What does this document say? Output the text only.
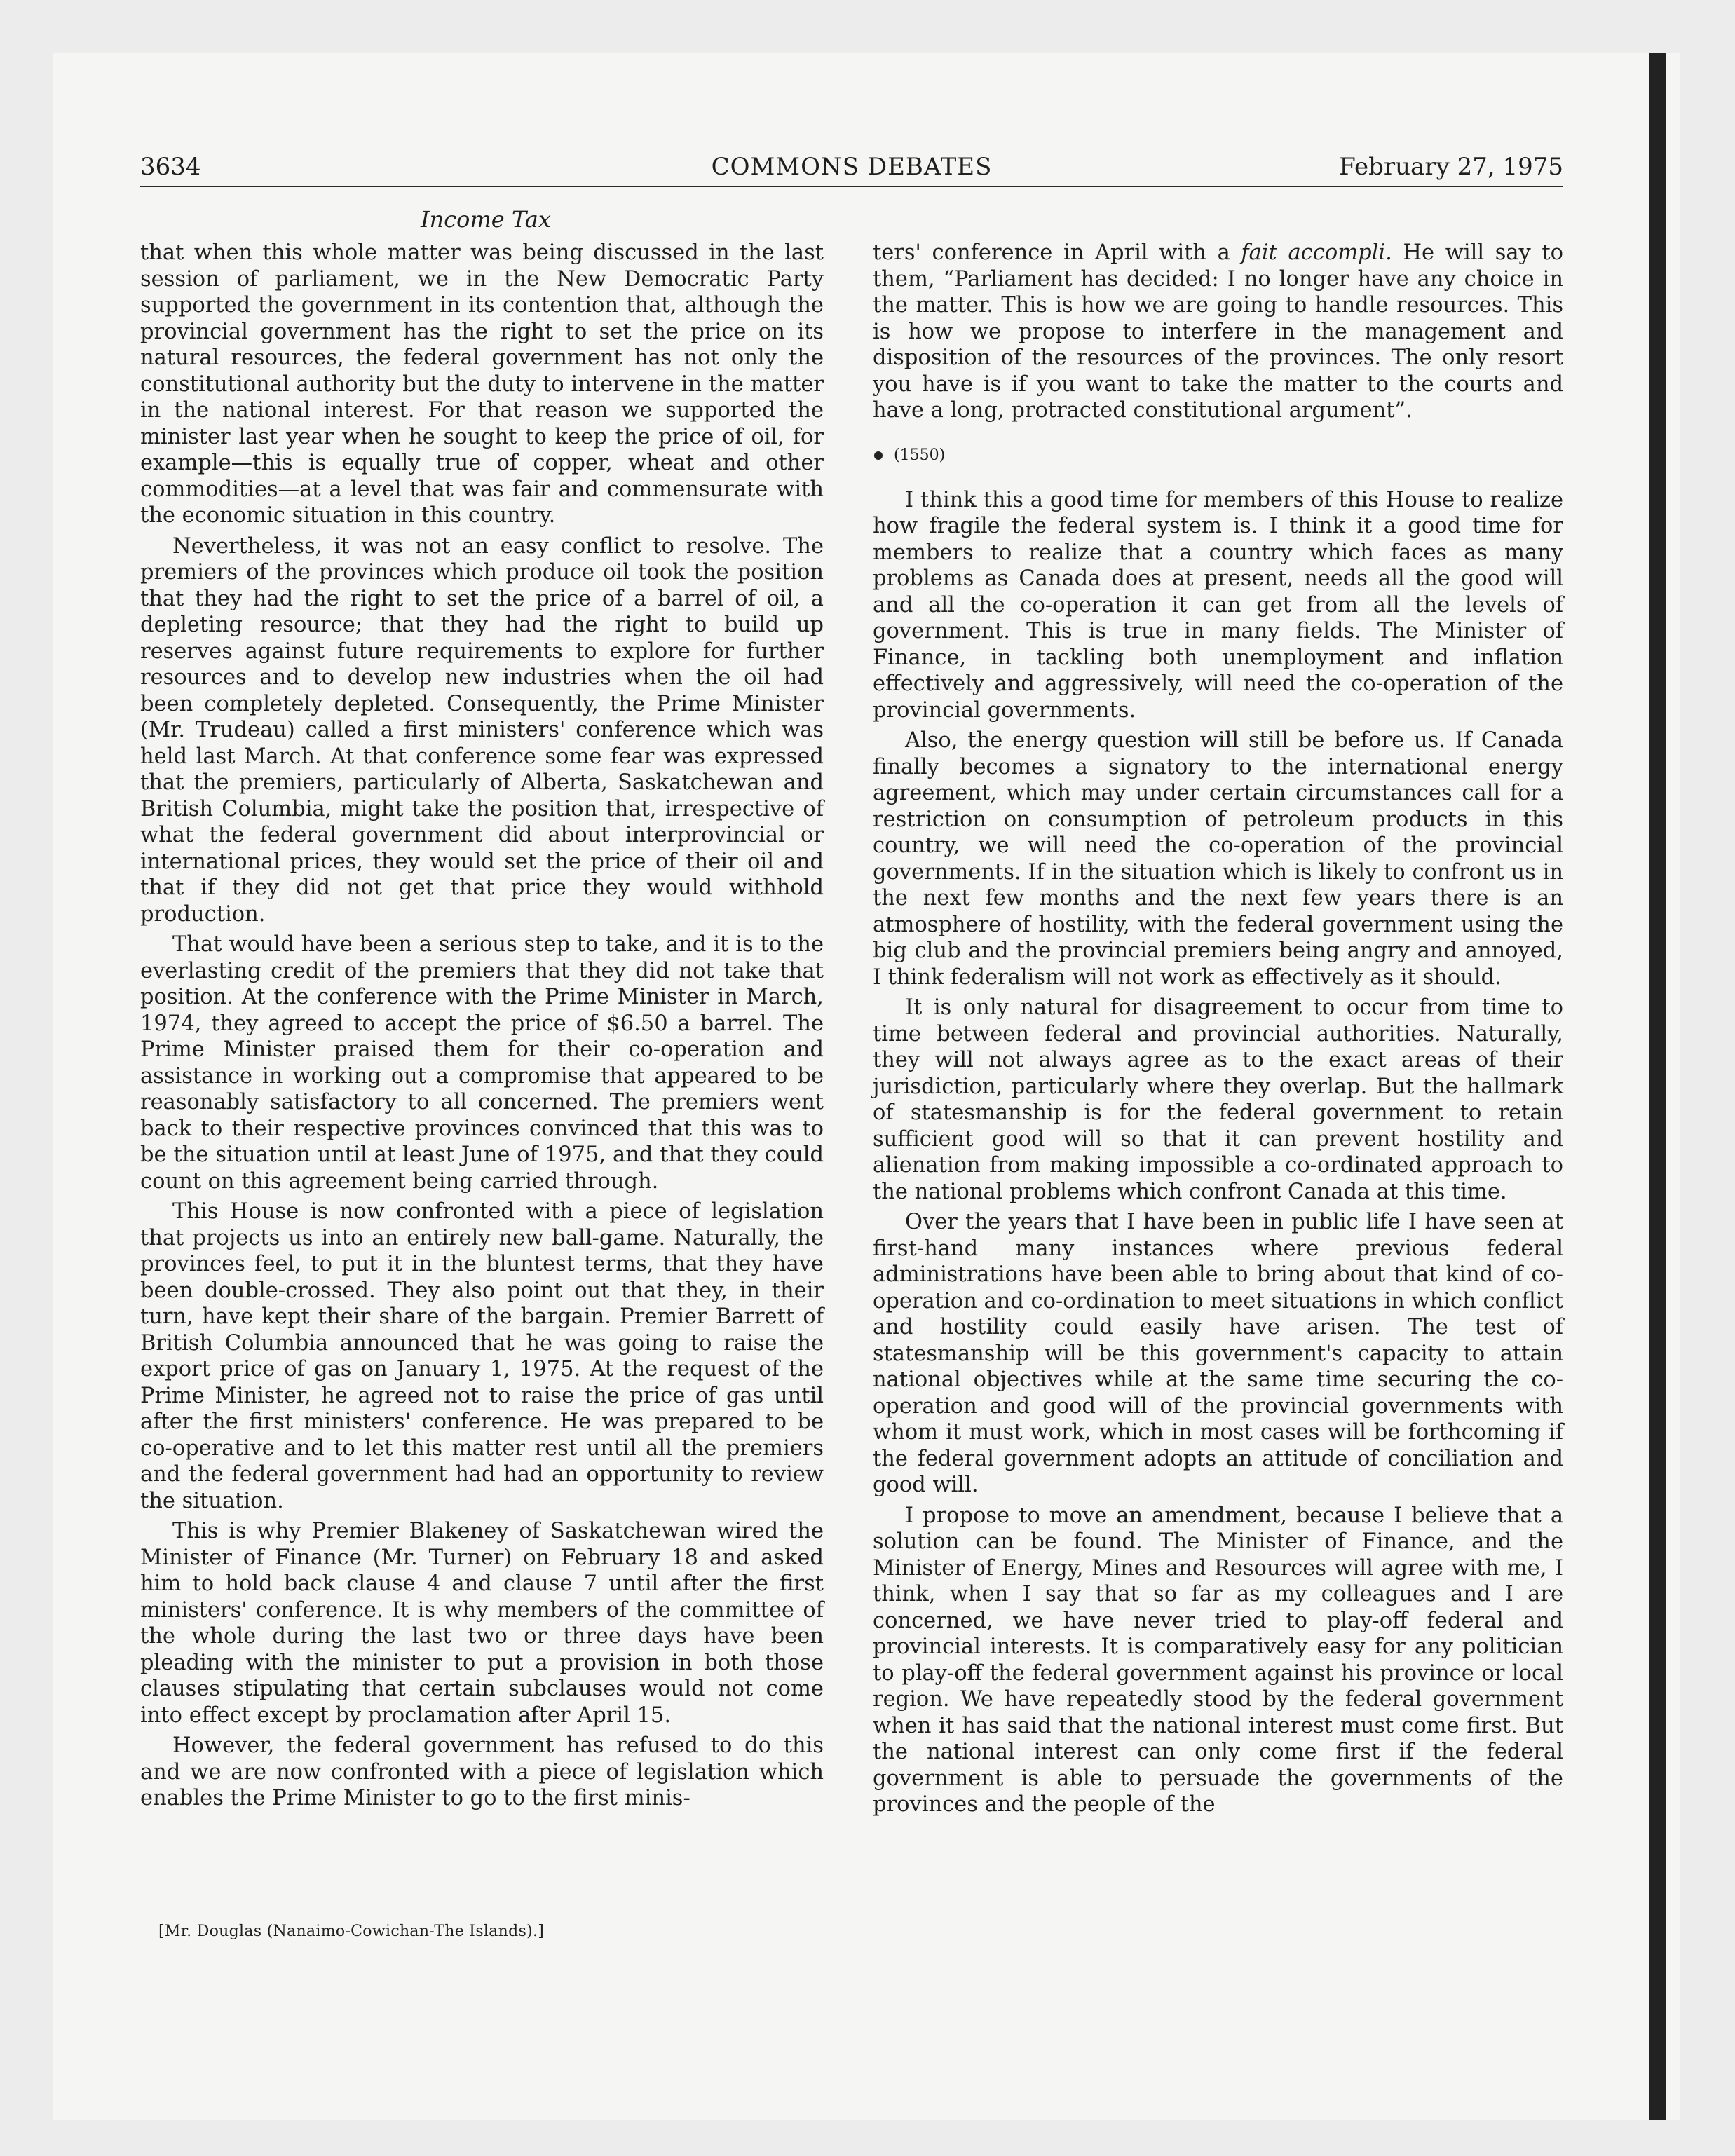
3634	COMMONS DEBATES	February 27, 1975
Income Tax

that when this whole matter was being discussed in the last session of parliament, we in the New Democratic Party supported the government in its contention that, although the provincial government has the right to set the price on its natural resources, the federal government has not only the constitutional authority but the duty to intervene in the matter in the national interest. For that reason we supported the minister last year when he sought to keep the price of oil, for example—this is equally true of copper, wheat and other commodities—at a level that was fair and commensurate with the economic situation in this country.

Nevertheless, it was not an easy conflict to resolve. The premiers of the provinces which produce oil took the position that they had the right to set the price of a barrel of oil, a depleting resource; that they had the right to build up reserves against future requirements to explore for further resources and to develop new industries when the oil had been completely depleted. Consequently, the Prime Minister (Mr. Trudeau) called a first ministers' conference which was held last March. At that conference some fear was expressed that the premiers, particularly of Alberta, Saskatchewan and British Columbia, might take the position that, irrespective of what the federal government did about interprovincial or international prices, they would set the price of their oil and that if they did not get that price they would withhold production.

That would have been a serious step to take, and it is to the everlasting credit of the premiers that they did not take that position. At the conference with the Prime Minister in March, 1974, they agreed to accept the price of $6.50 a barrel. The Prime Minister praised them for their co-operation and assistance in working out a compromise that appeared to be reasonably satisfactory to all concerned. The premiers went back to their respective provinces convinced that this was to be the situation until at least June of 1975, and that they could count on this agreement being carried through.

This House is now confronted with a piece of legislation that projects us into an entirely new ball-game. Naturally, the provinces feel, to put it in the bluntest terms, that they have been double-crossed. They also point out that they, in their turn, have kept their share of the bargain. Premier Barrett of British Columbia announced that he was going to raise the export price of gas on January 1, 1975. At the request of the Prime Minister, he agreed not to raise the price of gas until after the first ministers' conference. He was prepared to be co-operative and to let this matter rest until all the premiers and the federal government had had an opportunity to review the situation.

This is why Premier Blakeney of Saskatchewan wired the Minister of Finance (Mr. Turner) on February 18 and asked him to hold back clause 4 and clause 7 until after the first ministers' conference. It is why members of the committee of the whole during the last two or three days have been pleading with the minister to put a provision in both those clauses stipulating that certain subclauses would not come into effect except by proclamation after April 15.

However, the federal government has refused to do this and we are now confronted with a piece of legislation which enables the Prime Minister to go to the first minis-

ters' conference in April with a fait accompli. He will say to them, “Parliament has decided: I no longer have any choice in the matter. This is how we are going to handle resources. This is how we propose to interfere in the management and disposition of the resources of the provinces. The only resort you have is if you want to take the matter to the courts and have a long, protracted constitutional argument”.

(1550)

I think this a good time for members of this House to realize how fragile the federal system is. I think it a good time for members to realize that a country which faces as many problems as Canada does at present, needs all the good will and all the co-operation it can get from all the levels of government. This is true in many fields. The Minister of Finance, in tackling both unemployment and inflation effectively and aggressively, will need the co-operation of the provincial governments.

Also, the energy question will still be before us. If Canada finally becomes a signatory to the international energy agreement, which may under certain circumstances call for a restriction on consumption of petroleum products in this country, we will need the co-operation of the provincial governments. If in the situation which is likely to confront us in the next few months and the next few years there is an atmosphere of hostility, with the federal government using the big club and the provincial premiers being angry and annoyed, I think federalism will not work as effectively as it should.

It is only natural for disagreement to occur from time to time between federal and provincial authorities. Naturally, they will not always agree as to the exact areas of their jurisdiction, particularly where they overlap. But the hallmark of statesmanship is for the federal government to retain sufficient good will so that it can prevent hostility and alienation from making impossible a co-ordinated approach to the national problems which confront Canada at this time.

Over the years that I have been in public life I have seen at first-hand many instances where previous federal administrations have been able to bring about that kind of co-operation and co-ordination to meet situations in which conflict and hostility could easily have arisen. The test of statesmanship will be this government's capacity to attain national objectives while at the same time securing the co-operation and good will of the provincial governments with whom it must work, which in most cases will be forthcoming if the federal government adopts an attitude of conciliation and good will.

I propose to move an amendment, because I believe that a solution can be found. The Minister of Finance, and the Minister of Energy, Mines and Resources will agree with me, I think, when I say that so far as my colleagues and I are concerned, we have never tried to play-off federal and provincial interests. It is comparatively easy for any politician to play-off the federal government against his province or local region. We have repeatedly stood by the federal government when it has said that the national interest must come first. But the national interest can only come first if the federal government is able to persuade the governments of the provinces and the people of the

[Mr. Douglas (Nanaimo-Cowichan-The Islands).]
